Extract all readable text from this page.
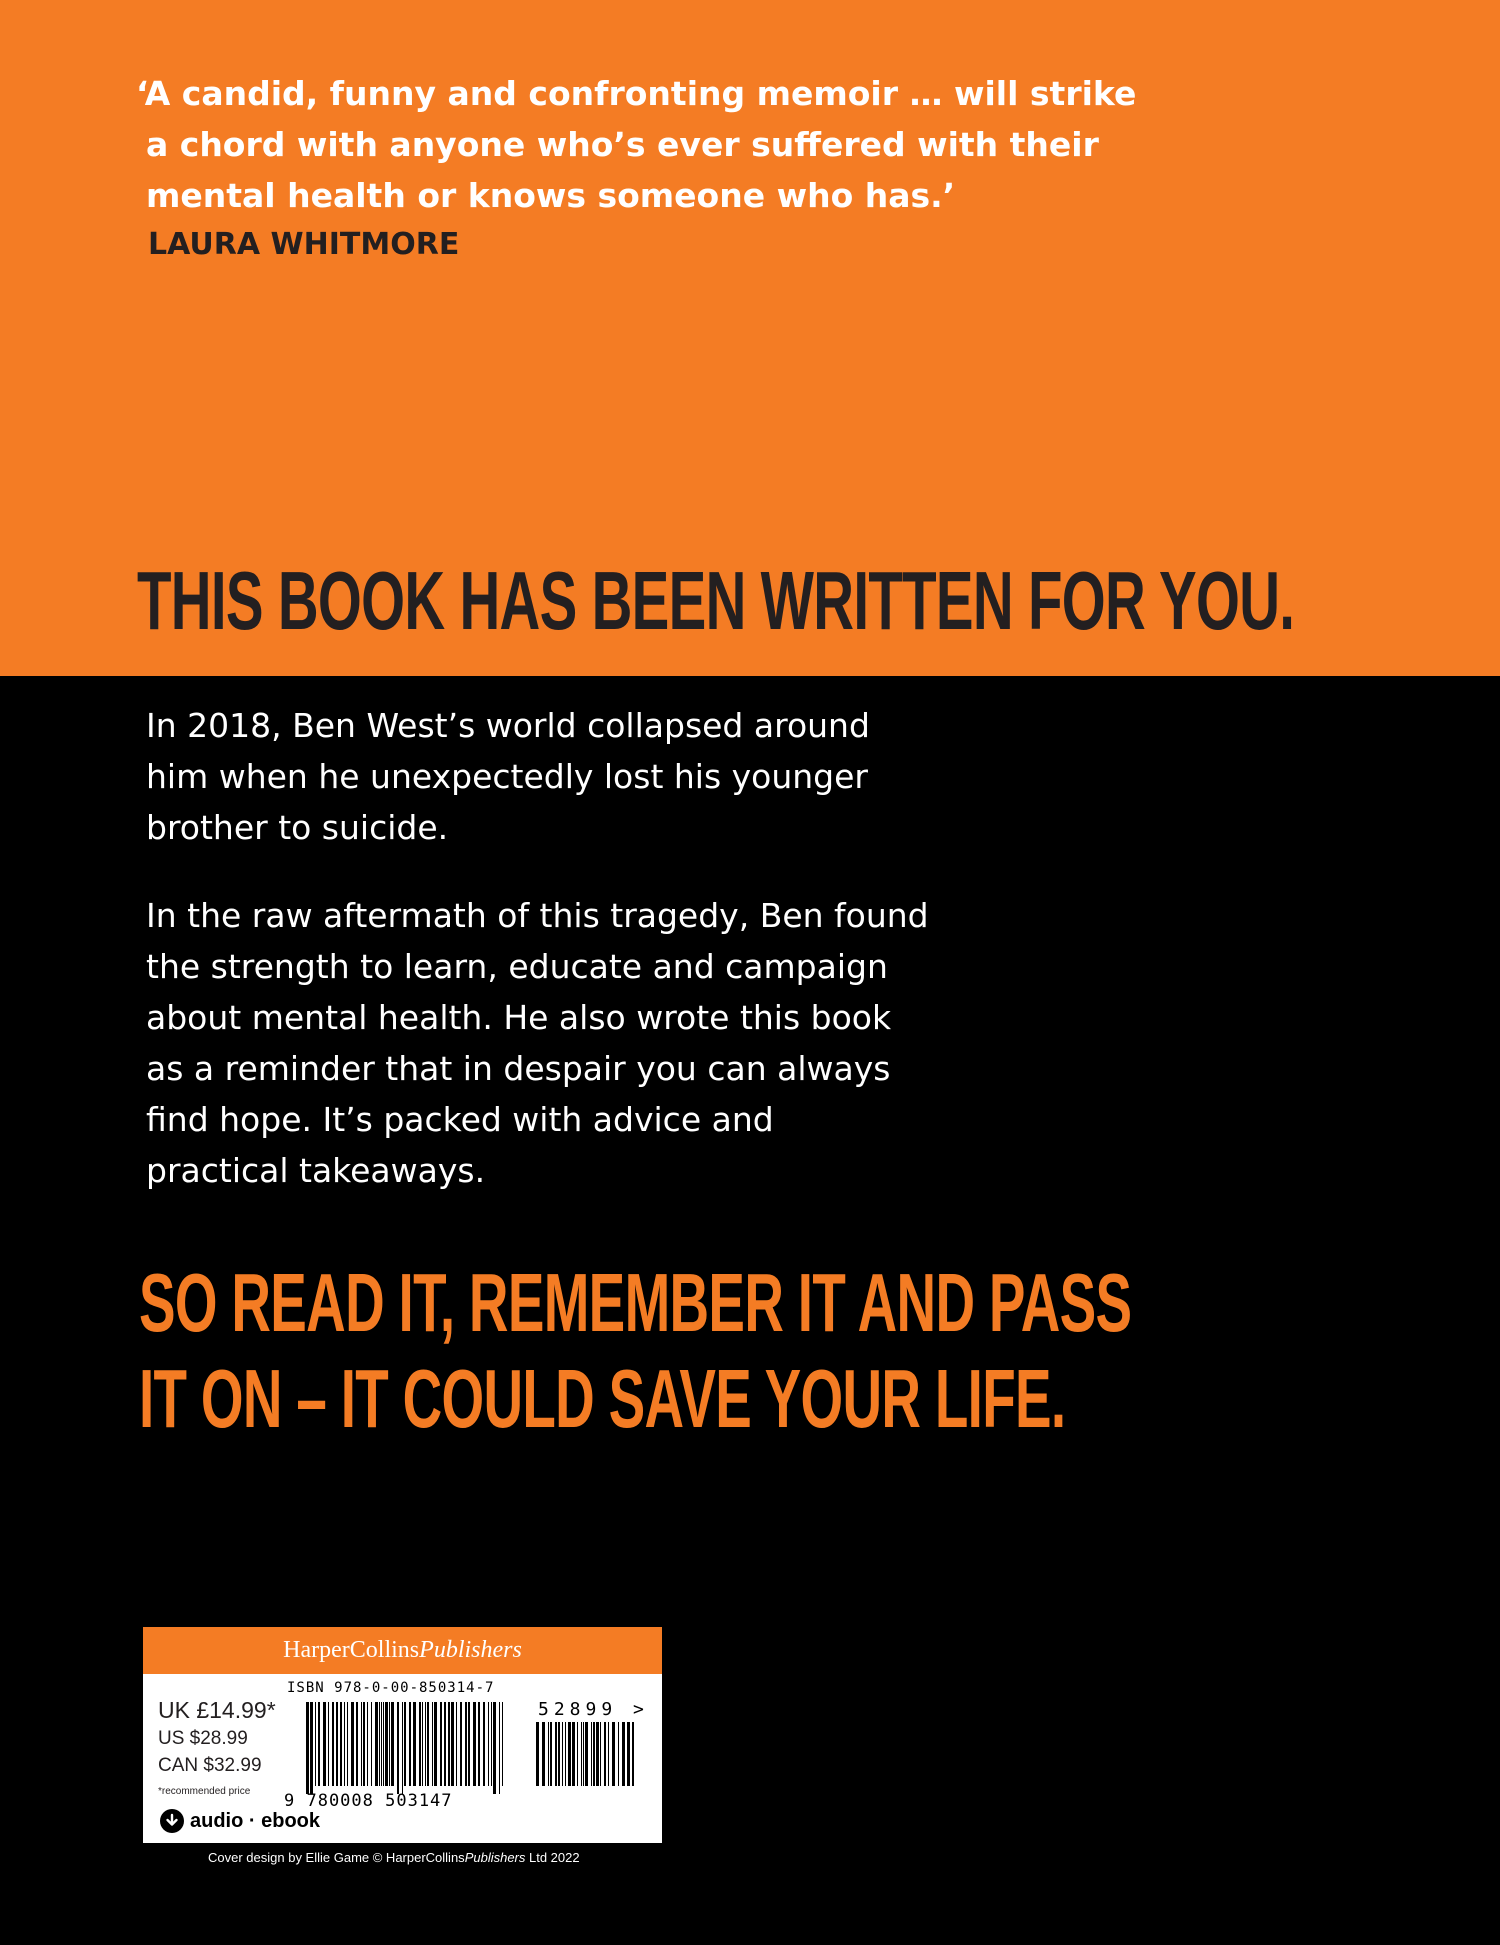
‘A candid, funny and confronting memoir … will strike
a chord with anyone who’s ever suffered with their
mental health or knows someone who has.’
LAURA WHITMORE
THIS BOOK HAS BEEN WRITTEN FOR YOU.
In 2018, Ben West’s world collapsed around
him when he unexpectedly lost his younger
brother to suicide.
In the raw aftermath of this tragedy, Ben found
the strength to learn, educate and campaign
about mental health. He also wrote this book
as a reminder that in despair you can always
find hope. It’s packed with advice and
practical takeaways.
SO READ IT, REMEMBER IT AND PASS
IT ON – IT COULD SAVE YOUR LIFE.
HarperCollinsPublishers
ISBN 978-0-00-850314-7
UK £14.99*
US $28.99
CAN $32.99
*recommended price 9 780008 503147
52899 >
audio · ebook
Cover design by Ellie Game © HarperCollinsPublishers Ltd 2022
